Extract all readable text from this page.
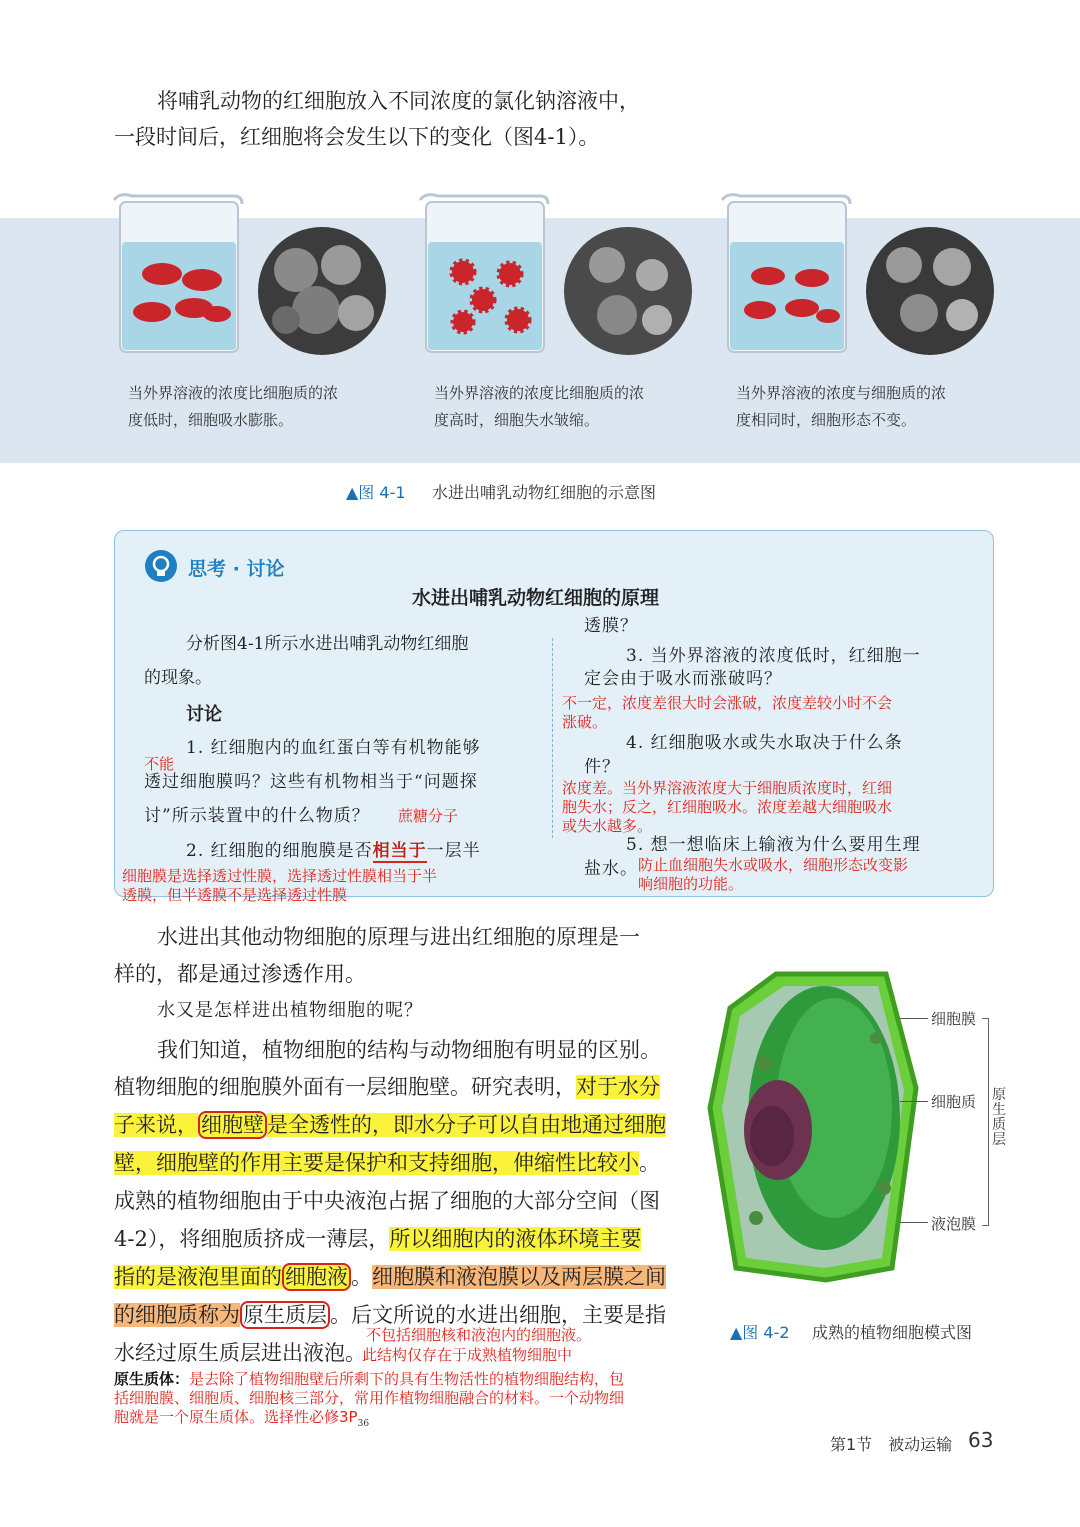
将哺乳动物的红细胞放入不同浓度的氯化钠溶液中，
一段时间后，红细胞将会发生以下的变化（图4-1）。
当外界溶液的浓度比细胞质的浓
度低时，细胞吸水膨胀。
当外界溶液的浓度比细胞质的浓
度高时，细胞失水皱缩。
当外界溶液的浓度与细胞质的浓
度相同时，细胞形态不变。
▲图 4-1 水进出哺乳动物红细胞的示意图
思考 · 讨论
水进出哺乳动物红细胞的原理
分析图4-1所示水进出哺乳动物红细胞
的现象。
讨论
1. 红细胞内的血红蛋白等有机物能够
不能
透过细胞膜吗？这些有机物相当于“问题探
讨”所示装置中的什么物质？ 蔗糖分子
2. 红细胞的细胞膜是否相当于一层半
细胞膜是选择透过性膜，选择透过性膜相当于半
透膜，但半透膜不是选择透过性膜
透膜？
3. 当外界溶液的浓度低时，红细胞一
定会由于吸水而涨破吗？
不一定，浓度差很大时会涨破，浓度差较小时不会
涨破。
4. 红细胞吸水或失水取决于什么条
件？
浓度差。当外界溶液浓度大于细胞质浓度时，红细
胞失水；反之，红细胞吸水。浓度差越大细胞吸水
或失水越多。
5. 想一想临床上输液为什么要用生理
盐水。 防止血细胞失水或吸水，细胞形态改变影
响细胞的功能。
水进出其他动物细胞的原理与进出红细胞的原理是一
样的，都是通过渗透作用。
水又是怎样进出植物细胞的呢？
我们知道，植物细胞的结构与动物细胞有明显的区别。
植物细胞的细胞膜外面有一层细胞壁。研究表明，对于水分
子来说， 细胞壁 是全透性的，即水分子可以自由地通过细胞
壁，细胞壁的作用主要是保护和支持细胞，伸缩性比较小。
成熟的植物细胞由于中央液泡占据了细胞的大部分空间（图
4-2），将细胞质挤成一薄层，所以细胞内的液体环境主要
指的是液泡里面的 细胞液 。细胞膜和液泡膜以及两层膜之间
的细胞质称为 原生质层 。后文所说的水进出细胞，主要是指
不包括细胞核和液泡内的细胞液。
水经过原生质层进出液泡。
此结构仅存在于成熟植物细胞中
原生质体：是去除了植物细胞壁后所剩下的具有生物活性的植物细胞结构，包
括细胞膜、细胞质、细胞核三部分，常用作植物细胞融合的材料。一个动物细
胞就是一个原生质体。选择性必修$3P_{36}$
细胞膜
细胞质
液泡膜
原生质层
▲图 4-2 成熟的植物细胞模式图
第1节　被动运输 63
